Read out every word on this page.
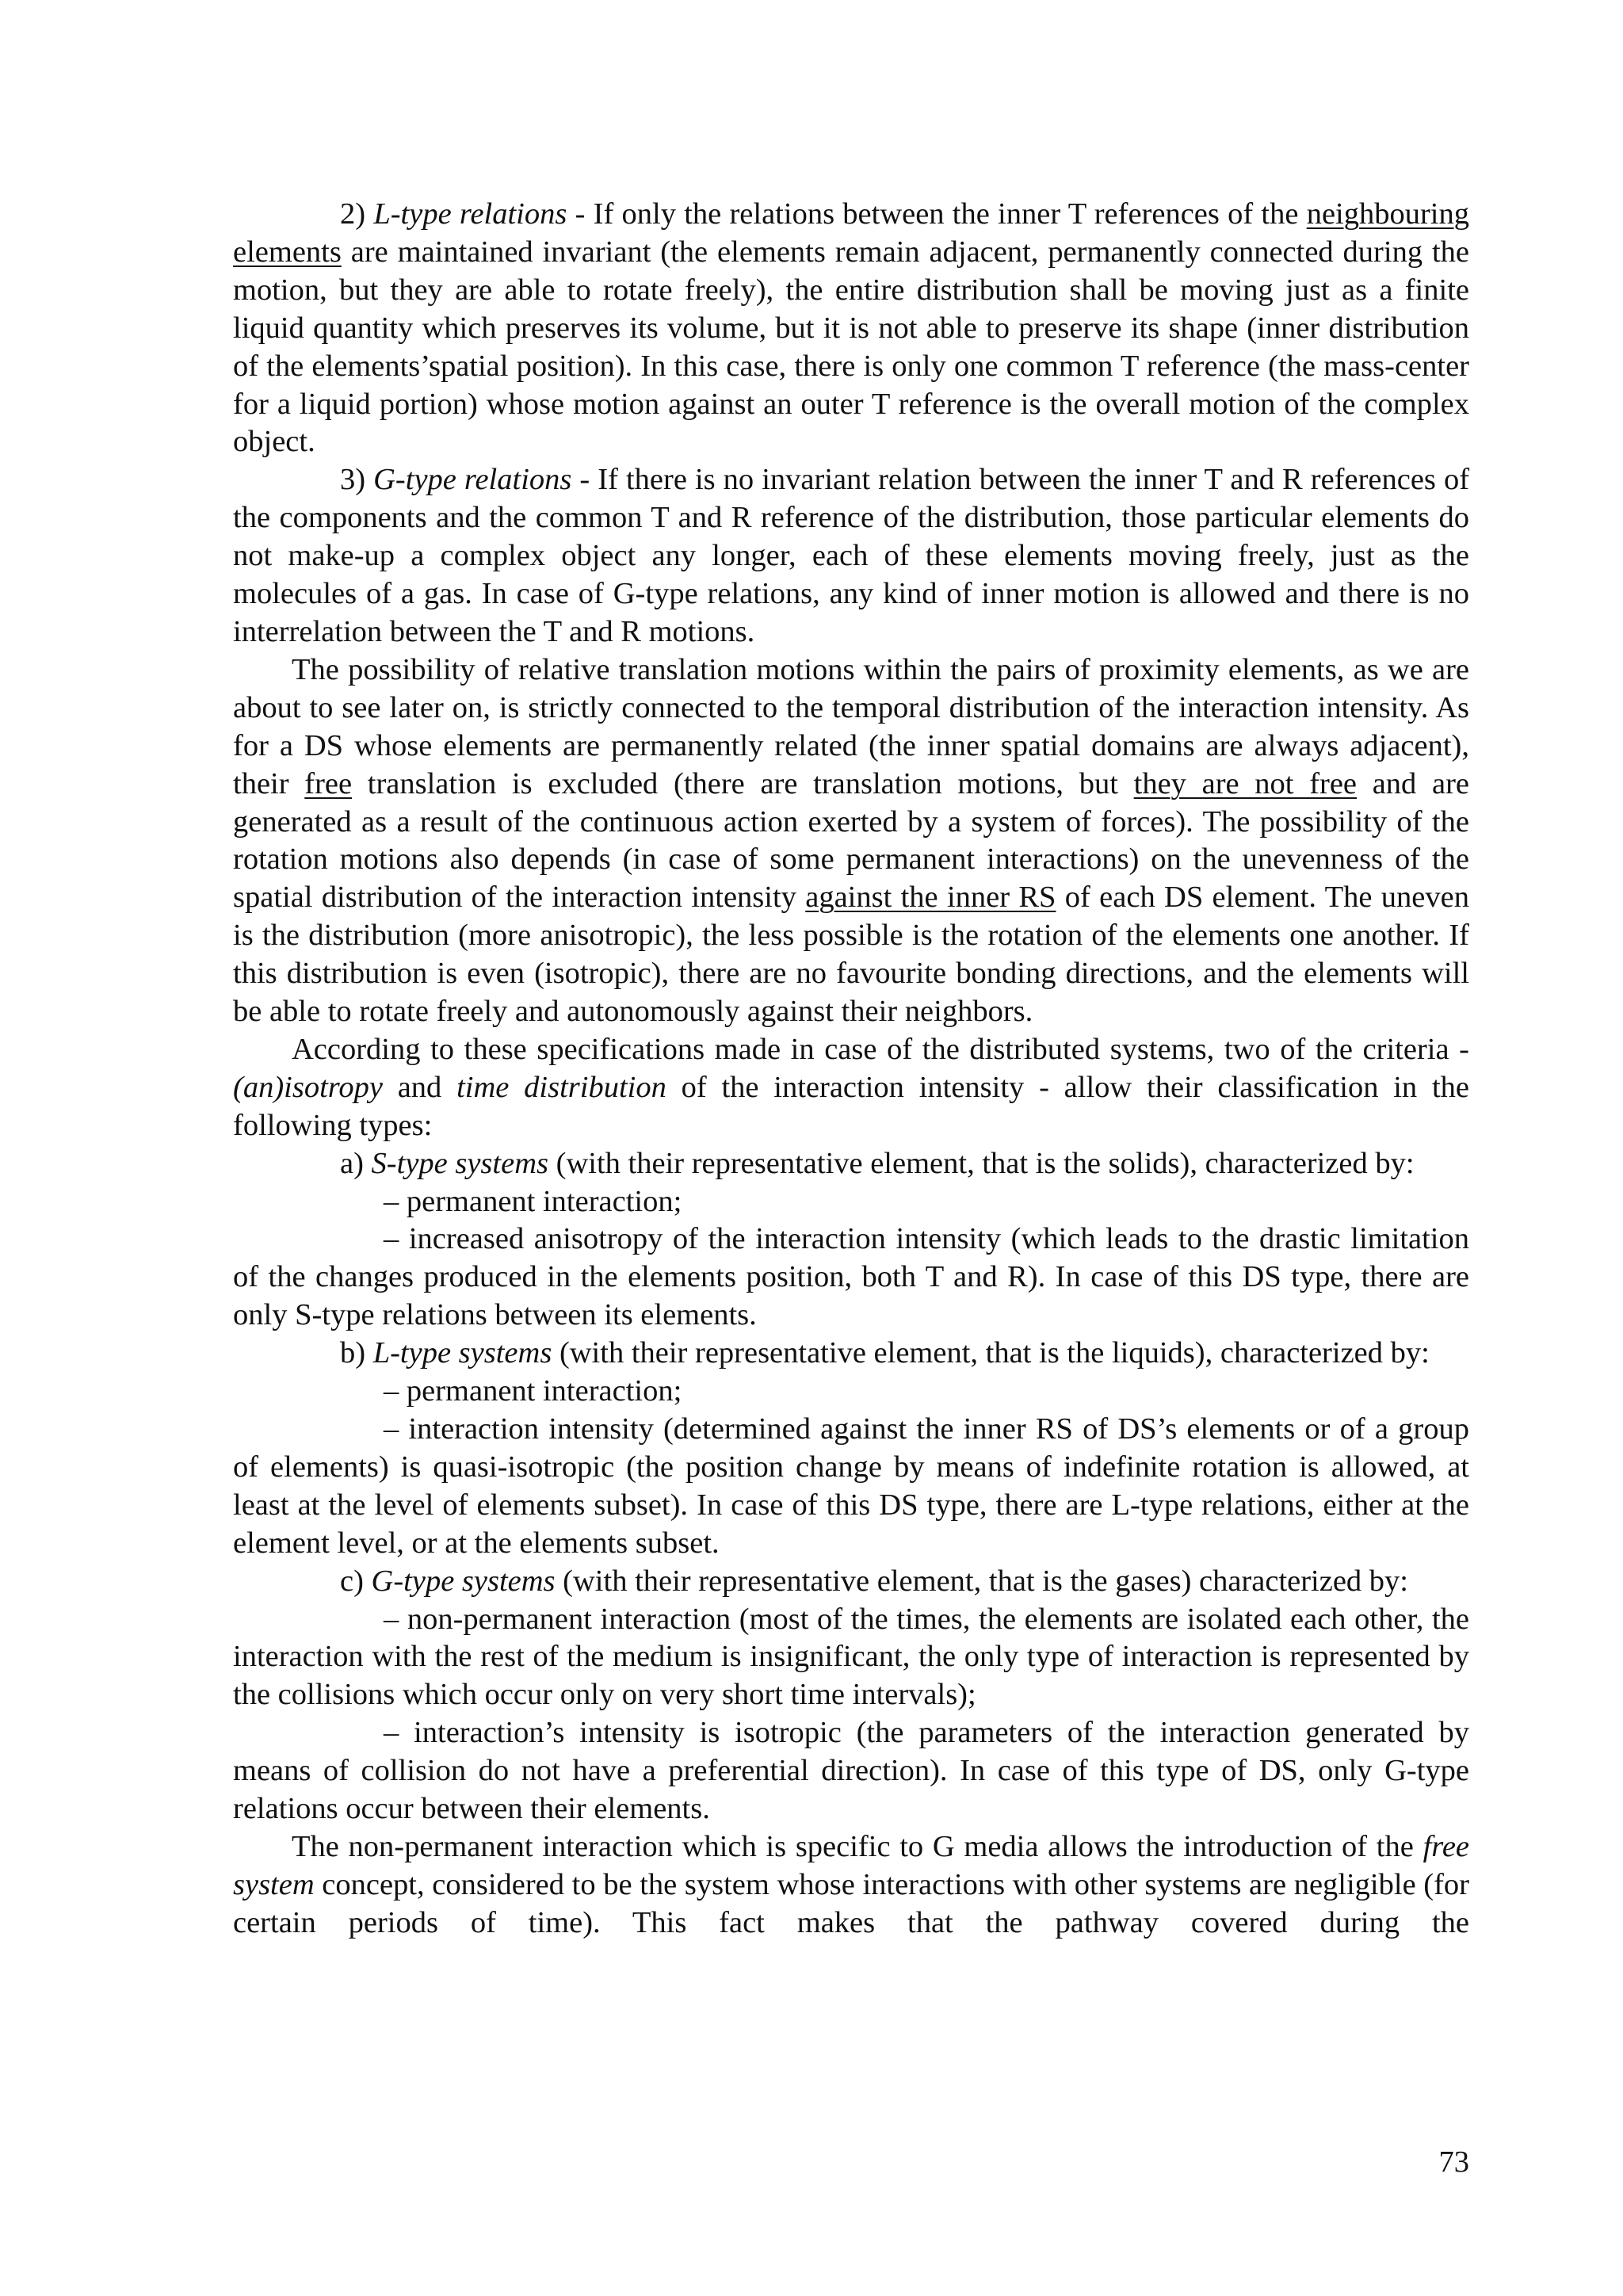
2) L-type relations - If only the relations between the inner T references of the neighbouring elements are maintained invariant (the elements remain adjacent, permanently connected during the motion, but they are able to rotate freely), the entire distribution shall be moving just as a finite liquid quantity which preserves its volume, but it is not able to preserve its shape (inner distribution of the elements’spatial position). In this case, there is only one common T reference (the mass-center for a liquid portion) whose motion against an outer T reference is the overall motion of the complex object.

3) G-type relations - If there is no invariant relation between the inner T and R references of the components and the common T and R reference of the distribution, those particular elements do not make-up a complex object any longer, each of these elements moving freely, just as the molecules of a gas. In case of G-type relations, any kind of inner motion is allowed and there is no interrelation between the T and R motions.

The possibility of relative translation motions within the pairs of proximity elements, as we are about to see later on, is strictly connected to the temporal distribution of the interaction intensity. As for a DS whose elements are permanently related (the inner spatial domains are always adjacent), their free translation is excluded (there are translation motions, but they are not free and are generated as a result of the continuous action exerted by a system of forces). The possibility of the rotation motions also depends (in case of some permanent interactions) on the unevenness of the spatial distribution of the interaction intensity against the inner RS of each DS element. The uneven is the distribution (more anisotropic), the less possible is the rotation of the elements one another. If this distribution is even (isotropic), there are no favourite bonding directions, and the elements will be able to rotate freely and autonomously against their neighbors.

According to these specifications made in case of the distributed systems, two of the criteria - (an)isotropy and time distribution of the interaction intensity - allow their classification in the following types:

a) S-type systems (with their representative element, that is the solids), characterized by:

– permanent interaction;

– increased anisotropy of the interaction intensity (which leads to the drastic limitation of the changes produced in the elements position, both T and R). In case of this DS type, there are only S-type relations between its elements.

b) L-type systems (with their representative element, that is the liquids), characterized by:

– permanent interaction;

– interaction intensity (determined against the inner RS of DS’s elements or of a group of elements) is quasi-isotropic (the position change by means of indefinite rotation is allowed, at least at the level of elements subset). In case of this DS type, there are L-type relations, either at the element level, or at the elements subset.

c) G-type systems (with their representative element, that is the gases) characterized by:

– non-permanent interaction (most of the times, the elements are isolated each other, the interaction with the rest of the medium is insignificant, the only type of interaction is represented by the collisions which occur only on very short time intervals);

– interaction’s intensity is isotropic (the parameters of the interaction generated by means of collision do not have a preferential direction). In case of this type of DS, only G-type relations occur between their elements.

The non-permanent interaction which is specific to G media allows the introduction of the free system concept, considered to be the system whose interactions with other systems are negligible (for certain periods of time). This fact makes that the pathway covered during the

73
